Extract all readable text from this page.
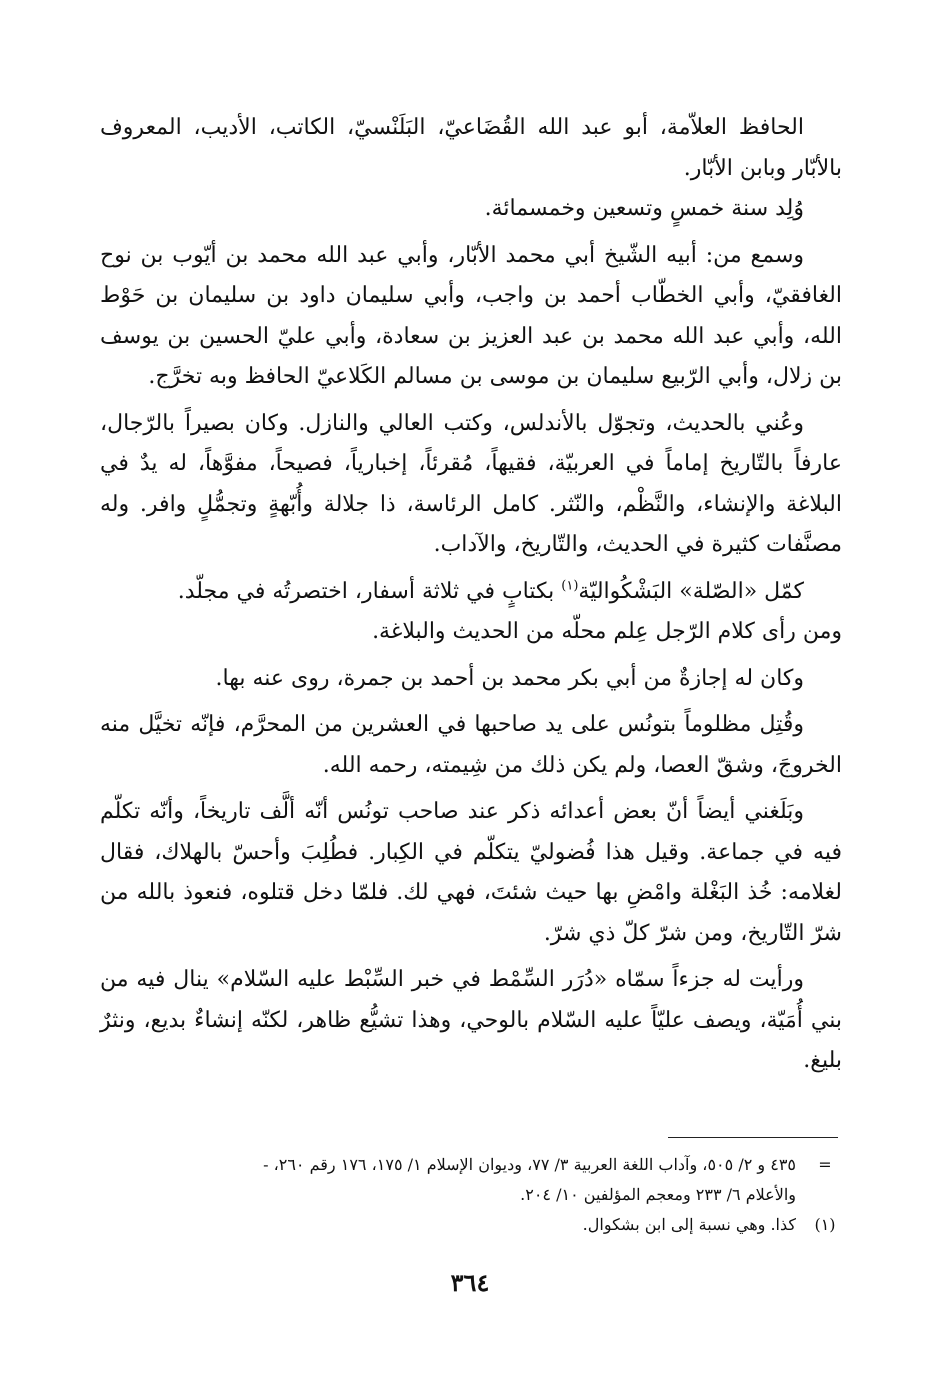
الحافظ العلاّمة، أبو عبد الله القُضَاعيّ، البَلَنْسيّ، الكاتب، الأديب، المعروف بالأبّار وبابن الأبّار.

وُلِد سنة خمسٍ وتسعين وخمسمائة.

وسمع من: أبيه الشّيخ أبي محمد الأبّار، وأبي عبد الله محمد بن أيّوب بن نوح الغافقيّ، وأبي الخطّاب أحمد بن واجب، وأبي سليمان داود بن سليمان بن حَوْط الله، وأبي عبد الله محمد بن عبد العزيز بن سعادة، وأبي عليّ الحسين بن يوسف بن زلال، وأبي الرّبيع سليمان بن موسى بن مسالم الكَلاعيّ الحافظ وبه تخرَّج.

وعُني بالحديث، وتجوّل بالأندلس، وكتب العالي والنازل. وكان بصيراً بالرّجال، عارفاً بالتّاريخ إماماً في العربيّة، فقيهاً، مُقرئاً، إخبارياً، فصيحاً، مفوَّهاً، له يدٌ في البلاغة والإنشاء، والنَّظْم، والنّثر. كامل الرئاسة، ذا جلالة وأُبّهةٍ وتجمُّلٍ وافر. وله مصنَّفات كثيرة في الحديث، والتّاريخ، والآداب.

كمّل «الصّلة» البَشْكُواليّة$^{(١)}$ بكتابٍ في ثلاثة أسفار، اختصرتُه في مجلّد.

ومن رأى كلام الرّجل عِلم محلّه من الحديث والبلاغة.

وكان له إجازةٌ من أبي بكر محمد بن أحمد بن جمرة، روى عنه بها.

وقُتِل مظلوماً بتونُس على يد صاحبها في العشرين من المحرَّم، فإنّه تخيَّل منه الخروجَ، وشقّ العصا، ولم يكن ذلك من شِيمته، رحمه الله.

وبَلَغني أيضاً أنّ بعض أعدائه ذكر عند صاحب تونُس أنّه ألَّف تاريخاً، وأنّه تكلّم فيه في جماعة. وقيل هذا فُضوليّ يتكلّم في الكِبار. فطُلِبَ وأحسّ بالهلاك، فقال لغلامه: خُذ البَغْلة وامْضِ بها حيث شئتَ، فهي لك. فلمّا دخل قتلوه، فنعوذ بالله من شرّ التّاريخ، ومن شرّ كلّ ذي شرّ.

ورأيت له جزءاً سمّاه «دُرَر السِّمْط في خبر السِّبْط عليه السّلام» ينال فيه من بني أُمَيّة، ويصف عليّاً عليه السّلام بالوحي، وهذا تشيُّع ظاهر، لكنّه إنشاءٌ بديع، ونثرٌ بليغ.

=
٤٣٥ و ٢/ ٥٠٥، وآداب اللغة العربية ٣/ ٧٧، وديوان الإسلام ١/ ١٧٥، ١٧٦ رقم ٢٦٠، -
والأعلام ٦/ ٢٣٣ ومعجم المؤلفين ١٠/ ٢٠٤.
(١)
كذا. وهي نسبة إلى ابن بشكوال.
٣٦٤
